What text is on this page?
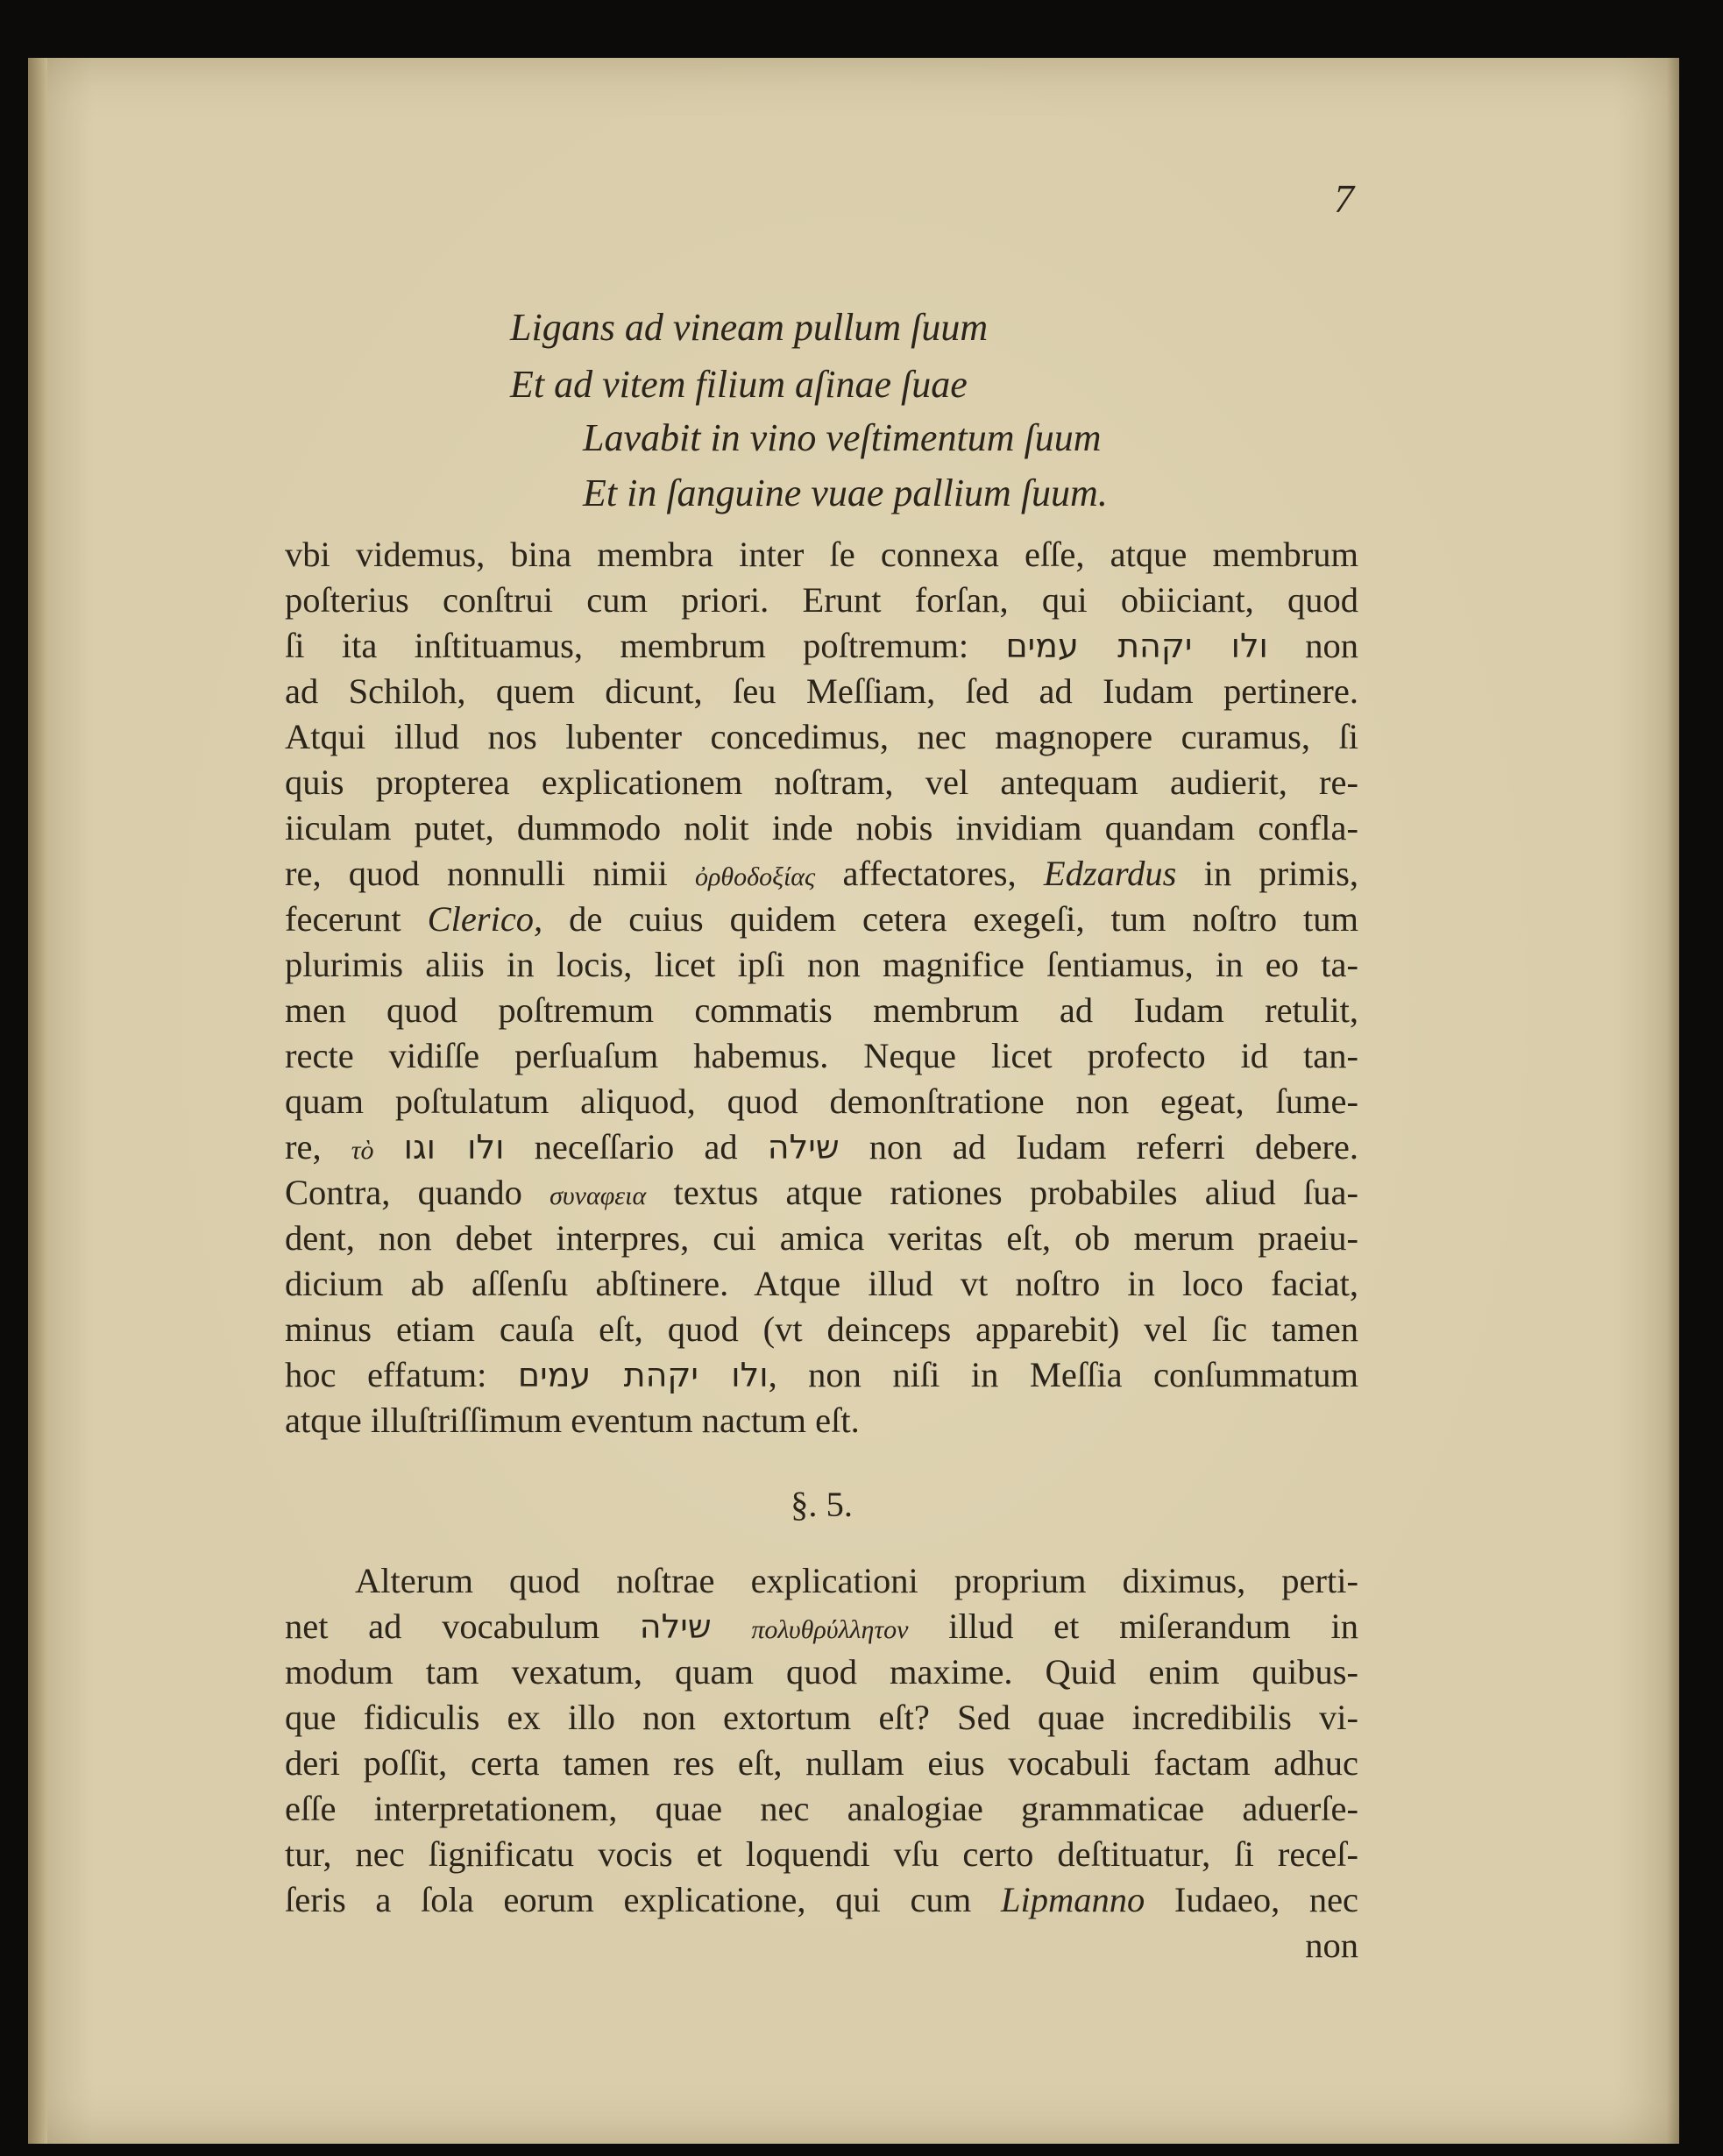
7
Ligans ad vineam pullum ſuum
Et ad vitem filium aſinae ſuae
Lavabit in vino veſtimentum ſuum
Et in ſanguine vuae pallium ſuum.
vbi videmus, bina membra inter ſe connexa eſſe, atque membrum
poſterius conſtrui cum priori. Erunt forſan, qui obiiciant, quod
ſi ita inſtituamus, membrum poſtremum: ולו יקהת עמים non
ad Schiloh, quem dicunt, ſeu Meſſiam, ſed ad Iudam pertinere.
Atqui illud nos lubenter concedimus, nec magnopere curamus, ſi
quis propterea explicationem noſtram, vel antequam audierit, re-
iiculam putet, dummodo nolit inde nobis invidiam quandam conflа-
re, quod nonnulli nimii ὀρθοδοξίας affectatores, Edzardus in primis,
fecerunt Clerico, de cuius quidem cetera exegeſi, tum noſtro tum
plurimis aliis in locis, licet ipſi non magnifice ſentiamus, in eo ta-
men quod poſtremum commatis membrum ad Iudam retulit,
recte vidiſſe perſuaſum habemus. Neque licet profecto id tan-
quam poſtulatum aliquod, quod demonſtratione non egeat, ſume-
re, τὸ ולו וגו neceſſario ad שילה non ad Iudam referri debere.
Contra, quando συναφεια textus atque rationes probabiles aliud ſua-
dent, non debet interpres, cui amica veritas eſt, ob merum praeiu-
dicium ab aſſenſu abſtinere. Atque illud vt noſtro in loco faciat,
minus etiam cauſa eſt, quod (vt deinceps apparebit) vel ſic tamen
hoc effatum: ולו יקהת עמים, non niſi in Meſſia conſummatum
atque illuſtriſſimum eventum nactum eſt.
§. 5.
Alterum quod noſtrae explicationi proprium diximus, perti-
net ad vocabulum שילה πολυθρύλλητον illud et miſerandum in
modum tam vexatum, quam quod maxime. Quid enim quibus-
que fidiculis ex illo non extortum eſt? Sed quae incredibilis vi-
deri poſſit, certa tamen res eſt, nullam eius vocabuli factam adhuc
eſſe interpretationem, quae nec analogiae grammaticae aduerſe-
tur, nec ſignificatu vocis et loquendi vſu certo deſtituatur, ſi receſ-
ſeris a ſola eorum explicatione, qui cum Lipmanno Iudaeo, nec
non
